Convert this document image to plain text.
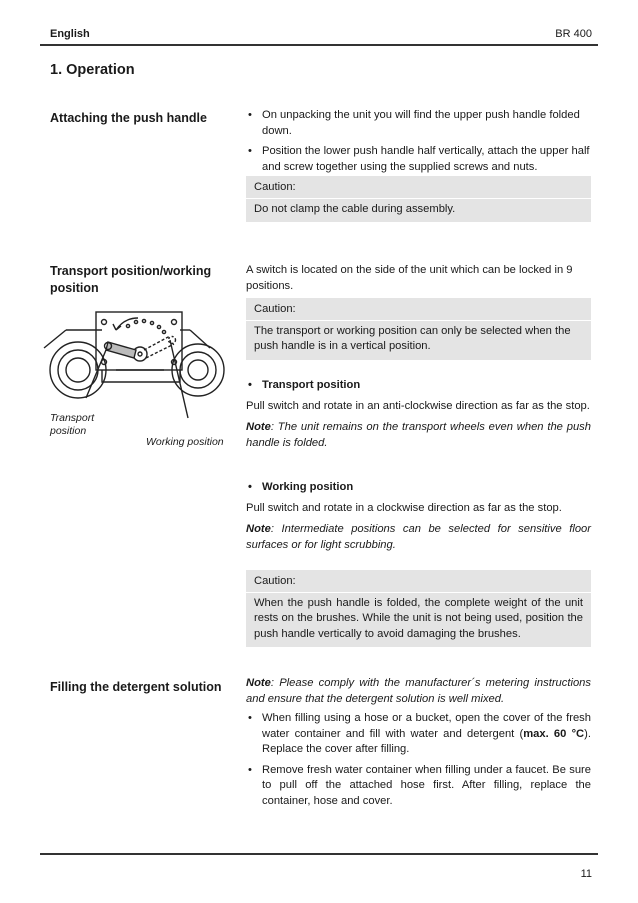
English	BR 400
1. Operation
Attaching the push handle
•	On unpacking the unit you will find the upper push handle folded down.
• Position the lower push handle half vertically, attach the upper half and screw together using the supplied screws and nuts.
Caution:
Do not clamp the cable during assembly.
Transport position/working position
A switch is located on the side of the unit which can be locked in 9 positions.
Caution:
The transport or working position can only be selected when the push handle is in a vertical position.
Transport position
Working position
• Transport position
Pull switch and rotate in an anti-clockwise direction as far as the stop.
Note: The unit remains on the transport wheels even when the push handle is folded.
• Working position
Pull switch and rotate in a clockwise direction as far as the stop.
Note: Intermediate positions can be selected for sensitive floor surfaces or for light scrubbing.
Caution:
When the push handle is folded, the complete weight of the unit rests on the brushes. While the unit is not being used, position the push handle vertically to avoid damaging the brushes.
Filling the detergent solution	Note: Please comply with the manufacturer´s metering instructions and ensure that the detergent solution is well mixed.
• When filling using a hose or a bucket, open the cover of the fresh water container and fill with water and detergent (max. 60 °C). Replace the cover after filling.
• Remove fresh water container when filling under a faucet. Be sure to pull off the attached hose first. After filling, replace the container, hose and cover.
11
